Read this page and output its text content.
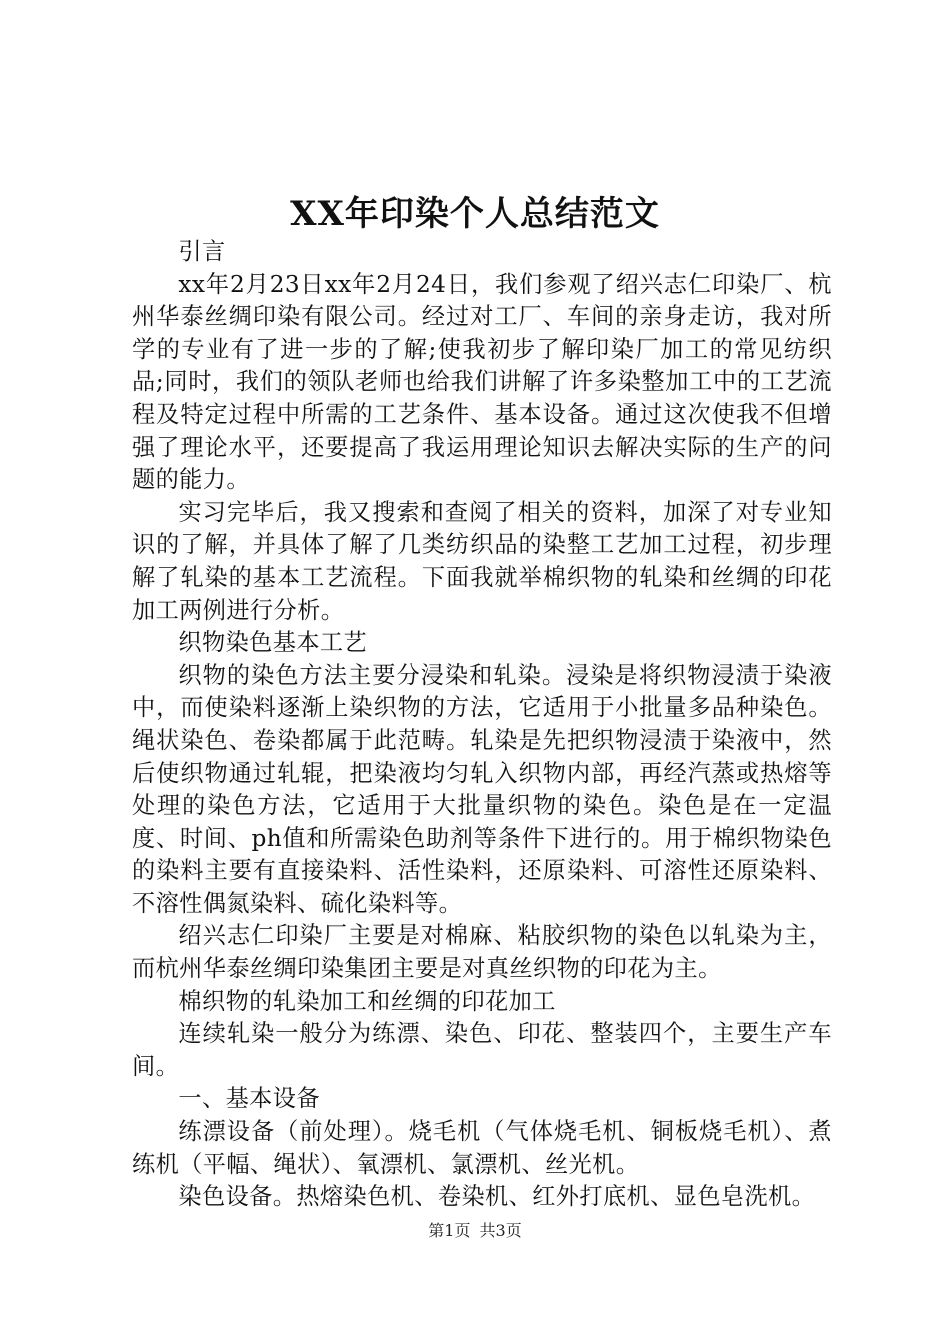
XX年印染个人总结范文

引言

xx年2月23日xx年2月24日，我们参观了绍兴志仁印染厂、杭州华泰丝绸印染有限公司。经过对工厂、车间的亲身走访，我对所学的专业有了进一步的了解;使我初步了解印染厂加工的常见纺织品;同时，我们的领队老师也给我们讲解了许多染整加工中的工艺流程及特定过程中所需的工艺条件、基本设备。通过这次使我不但增强了理论水平，还要提高了我运用理论知识去解决实际的生产的问题的能力。

实习完毕后，我又搜索和查阅了相关的资料，加深了对专业知识的了解，并具体了解了几类纺织品的染整工艺加工过程，初步理解了轧染的基本工艺流程。下面我就举棉织物的轧染和丝绸的印花加工两例进行分析。

织物染色基本工艺

织物的染色方法主要分浸染和轧染。浸染是将织物浸渍于染液中，而使染料逐渐上染织物的方法，它适用于小批量多品种染色。绳状染色、卷染都属于此范畴。轧染是先把织物浸渍于染液中，然后使织物通过轧辊，把染液均匀轧入织物内部，再经汽蒸或热熔等处理的染色方法，它适用于大批量织物的染色。染色是在一定温度、时间、ph值和所需染色助剂等条件下进行的。用于棉织物染色的染料主要有直接染料、活性染料，还原染料、可溶性还原染料、不溶性偶氮染料、硫化染料等。

绍兴志仁印染厂主要是对棉麻、粘胶织物的染色以轧染为主，而杭州华泰丝绸印染集团主要是对真丝织物的印花为主。

棉织物的轧染加工和丝绸的印花加工

连续轧染一般分为练漂、染色、印花、整装四个，主要生产车间。

一、基本设备

练漂设备（前处理）。烧毛机（气体烧毛机、铜板烧毛机）、煮练机（平幅、绳状）、氧漂机、氯漂机、丝光机。

染色设备。热熔染色机、卷染机、红外打底机、显色皂洗机。

第1页 共3页
